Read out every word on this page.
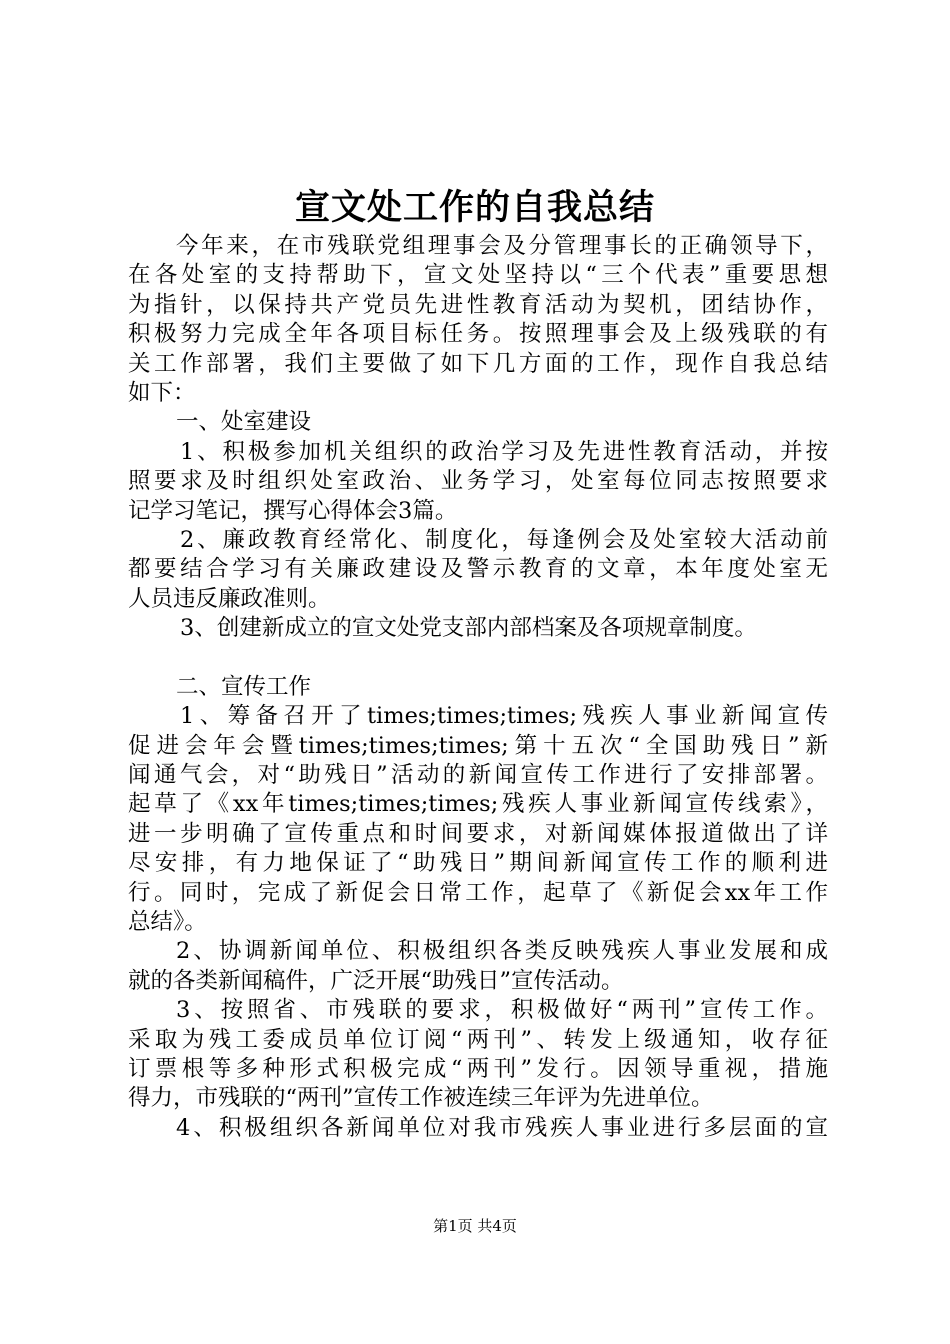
宣文处工作的自我总结
今年来，在市残联党组理事会及分管理事长的正确领导下，
在各处室的支持帮助下，宣文处坚持以“三个代表”重要思想
为指针，以保持共产党员先进性教育活动为契机，团结协作，
积极努力完成全年各项目标任务。按照理事会及上级残联的有
关工作部署，我们主要做了如下几方面的工作，现作自我总结
如下：
一、处室建设
1、积极参加机关组织的政治学习及先进性教育活动，并按
照要求及时组织处室政治、业务学习，处室每位同志按照要求
记学习笔记，撰写心得体会3篇。
2、廉政教育经常化、制度化，每逢例会及处室较大活动前
都要结合学习有关廉政建设及警示教育的文章，本年度处室无
人员违反廉政准则。
3、创建新成立的宣文处党支部内部档案及各项规章制度。
二、宣传工作
1、筹备召开了times;times;times;残疾人事业新闻宣传
促进会年会暨times;times;times;第十五次“全国助残日”新
闻通气会，对“助残日”活动的新闻宣传工作进行了安排部署。
起草了《xx年times;times;times;残疾人事业新闻宣传线索》，
进一步明确了宣传重点和时间要求，对新闻媒体报道做出了详
尽安排，有力地保证了“助残日”期间新闻宣传工作的顺利进
行。同时，完成了新促会日常工作，起草了《新促会xx年工作
总结》。
2、协调新闻单位、积极组织各类反映残疾人事业发展和成
就的各类新闻稿件，广泛开展“助残日”宣传活动。
3、按照省、市残联的要求，积极做好“两刊”宣传工作。
采取为残工委成员单位订阅“两刊”、转发上级通知，收存征
订票根等多种形式积极完成“两刊”发行。因领导重视，措施
得力，市残联的“两刊”宣传工作被连续三年评为先进单位。
4、积极组织各新闻单位对我市残疾人事业进行多层面的宣
第1页 共4页
